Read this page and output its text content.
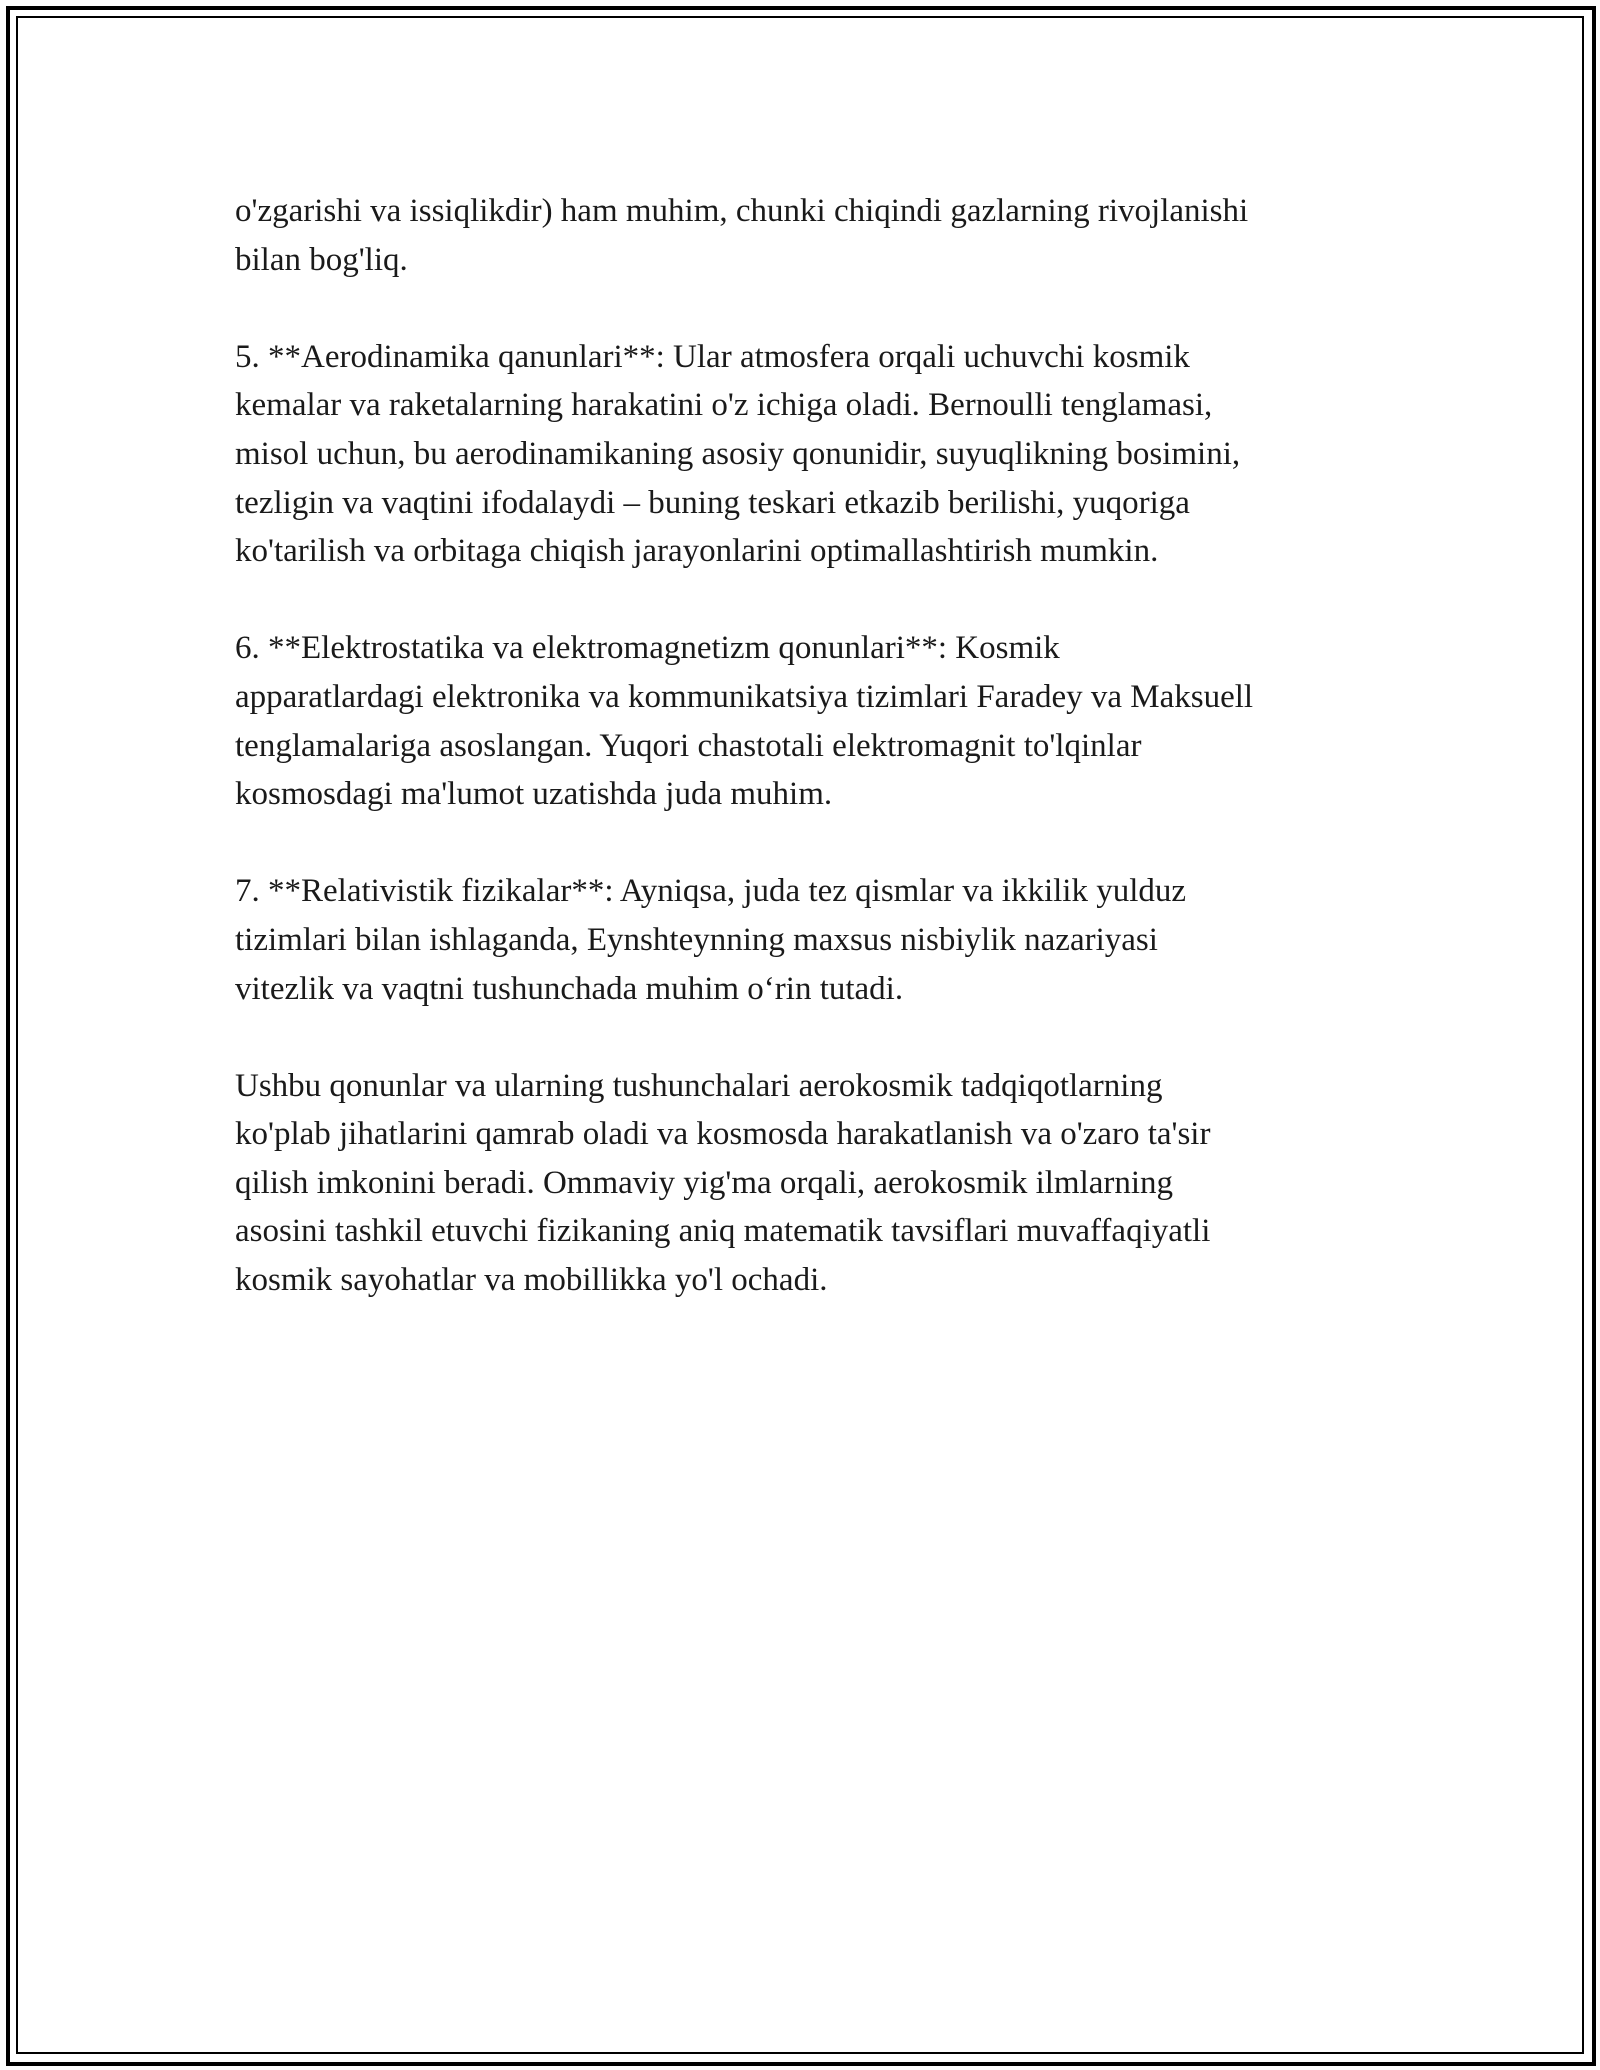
o'zgarishi va issiqlikdir) ham muhim, chunki chiqindi gazlarning rivojlanishi
bilan bog'liq.

5. **Aerodinamika qanunlari**: Ular atmosfera orqali uchuvchi kosmik
kemalar va raketalarning harakatini o'z ichiga oladi. Bernoulli tenglamasi,
misol uchun, bu aerodinamikaning asosiy qonunidir, suyuqlikning bosimini,
tezligin va vaqtini ifodalaydi – buning teskari etkazib berilishi, yuqoriga
ko'tarilish va orbitaga chiqish jarayonlarini optimallashtirish mumkin.

6. **Elektrostatika va elektromagnetizm qonunlari**: Kosmik
apparatlardagi elektronika va kommunikatsiya tizimlari Faradey va Maksuell
tenglamalariga asoslangan. Yuqori chastotali elektromagnit to'lqinlar
kosmosdagi ma'lumot uzatishda juda muhim.

7. **Relativistik fizikalar**: Ayniqsa, juda tez qismlar va ikkilik yulduz
tizimlari bilan ishlaganda, Eynshteynning maxsus nisbiylik nazariyasi
vitezlik va vaqtni tushunchada muhim o‘rin tutadi.

Ushbu qonunlar va ularning tushunchalari aerokosmik tadqiqotlarning
ko'plab jihatlarini qamrab oladi va kosmosda harakatlanish va o'zaro ta'sir
qilish imkonini beradi. Ommaviy yig'ma orqali, aerokosmik ilmlarning
asosini tashkil etuvchi fizikaning aniq matematik tavsiflari muvaffaqiyatli
kosmik sayohatlar va mobillikka yo'l ochadi.
